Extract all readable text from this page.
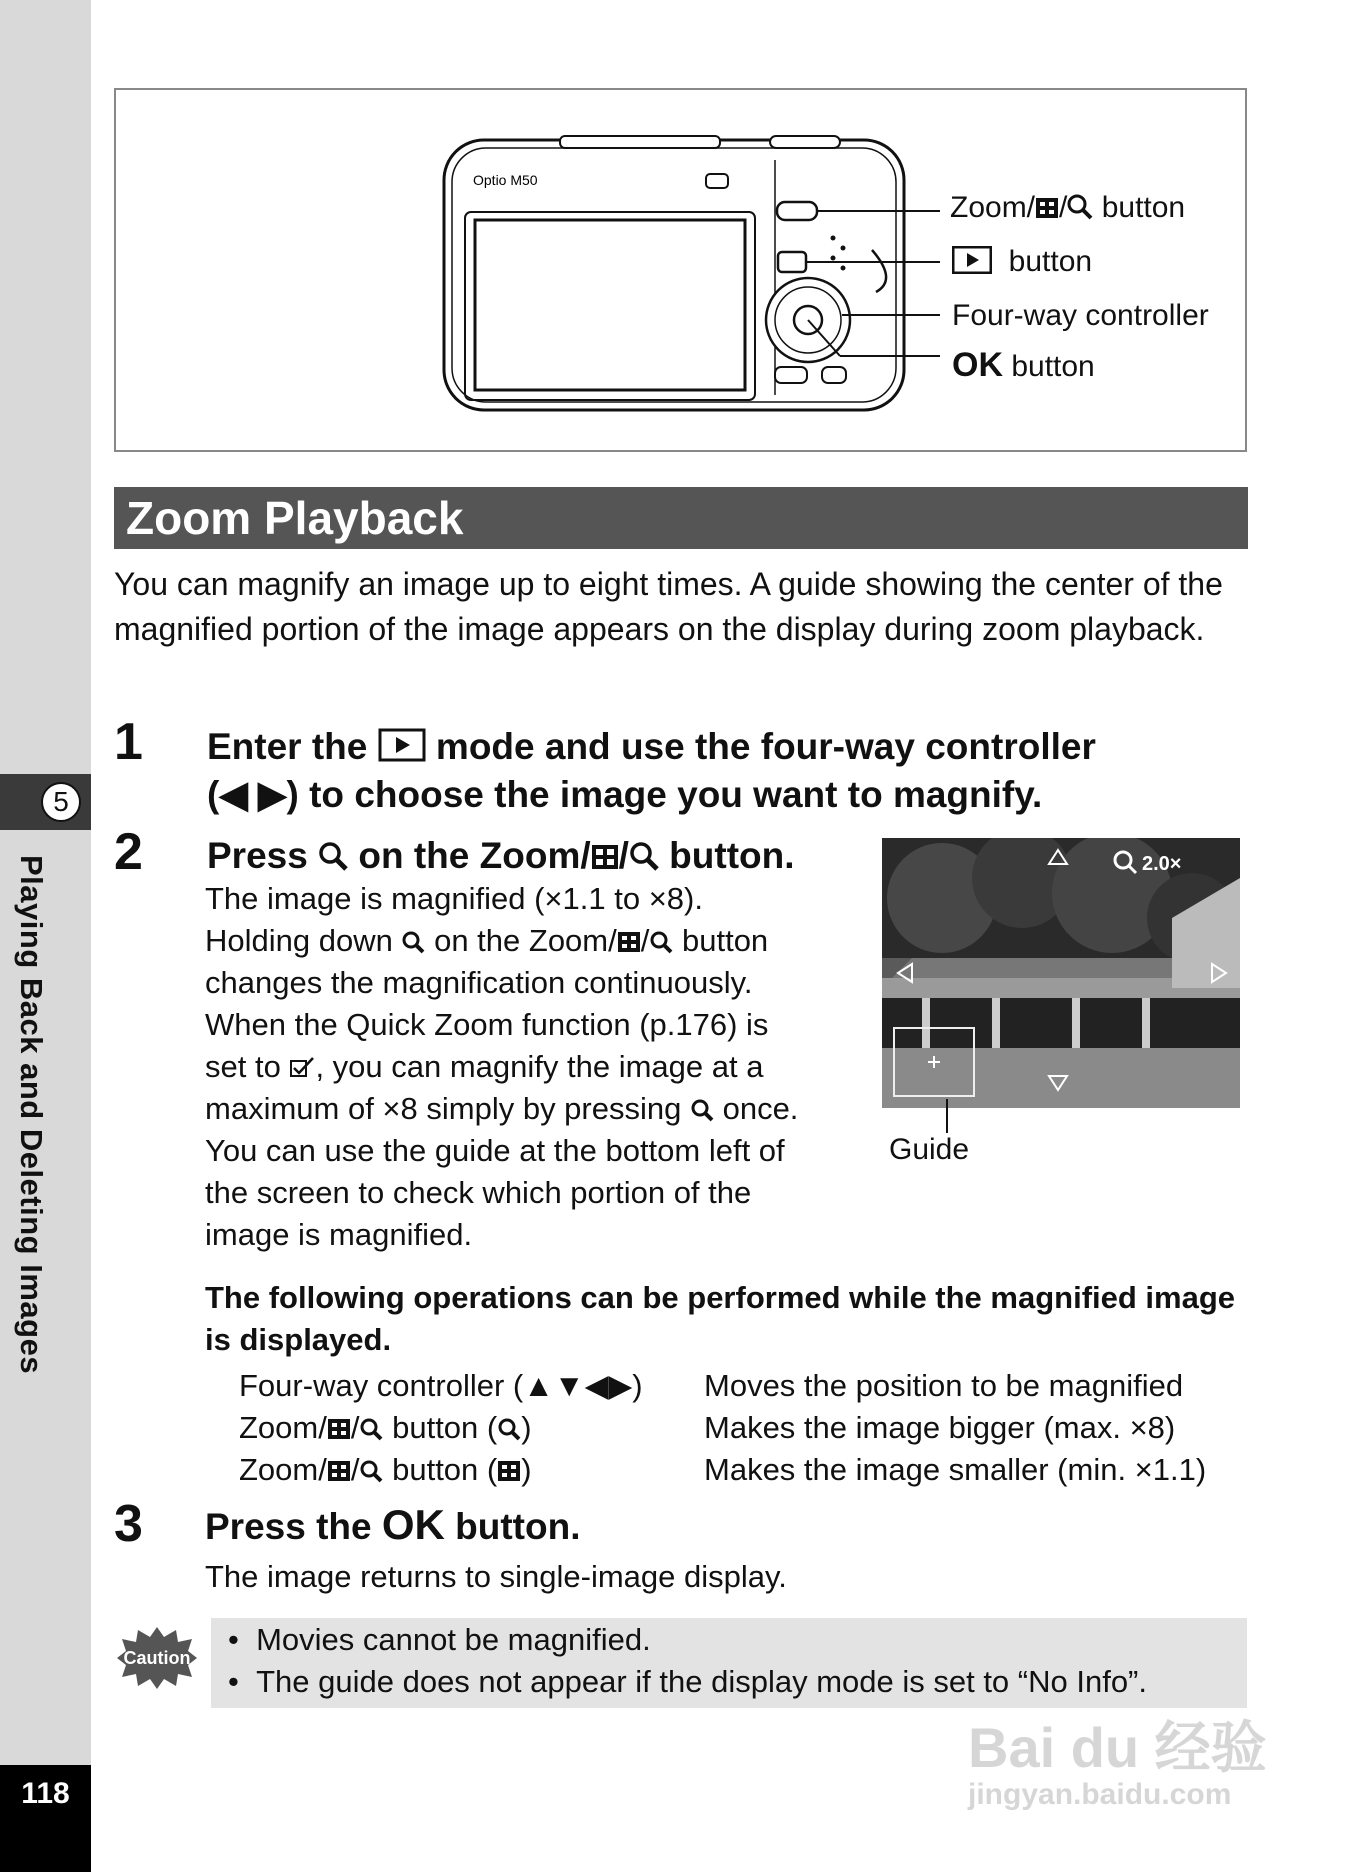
5
Playing Back and Deleting Images
118
Optio M50
Zoom/ / button
button
Four-way controller
OK button
Zoom Playback
You can magnify an image up to eight times. A guide showing the center of the magnified portion of the image appears on the display during zoom playback.
1 Enter the  mode and use the four-way controller
(◀ ▶) to choose the image you want to magnify.
2 Press  on the Zoom/ / button.
The image is magnified (×1.1 to ×8).
Holding down  on the Zoom/ / button
changes the magnification continuously.
When the Quick Zoom function (p.176) is
set to , you can magnify the image at a
maximum of ×8 simply by pressing  once.
You can use the guide at the bottom left of
the screen to check which portion of the
image is magnified.
2.0×
Guide
The following operations can be performed while the magnified image is displayed.
Four-way controller (▲▼◀▶) Moves the position to be magnified
Zoom/ / button ( )	Makes the image bigger (max. ×8)
Zoom/ / button ( )	Makes the image smaller (min. ×1.1)
3 Press the OK button.
The image returns to single-image display.
Caution
•  Movies cannot be magnified.
•  The guide does not appear if the display mode is set to “No Info”.
Bai du 经验
jingyan.baidu.com
